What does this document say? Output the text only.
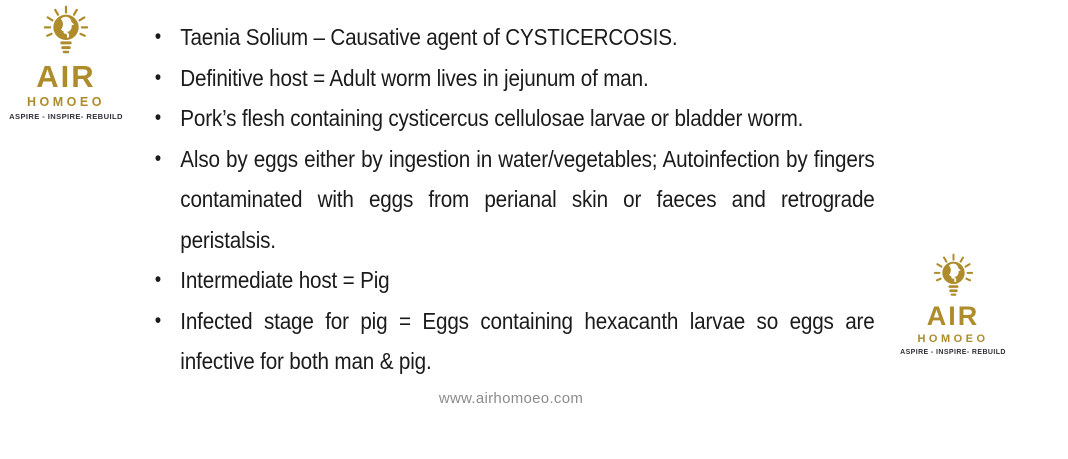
AIR
HOMOEO
ASPIRE - INSPIRE- REBUILD
• Taenia Solium – Causative agent of CYSTICERCOSIS.
• Definitive host = Adult worm lives in jejunum of man.
• Pork’s flesh containing cysticercus cellulosae larvae or bladder worm.
• Also by eggs either by ingestion in water/vegetables; Autoinfection by fingers contaminated with eggs from perianal skin or faeces and retrograde peristalsis.
• Intermediate host = Pig
• Infected stage for pig = Eggs containing hexacanth larvae so eggs are infective for both man & pig.
AIR
HOMOEO
ASPIRE - INSPIRE- REBUILD
www.airhomoeo.com
